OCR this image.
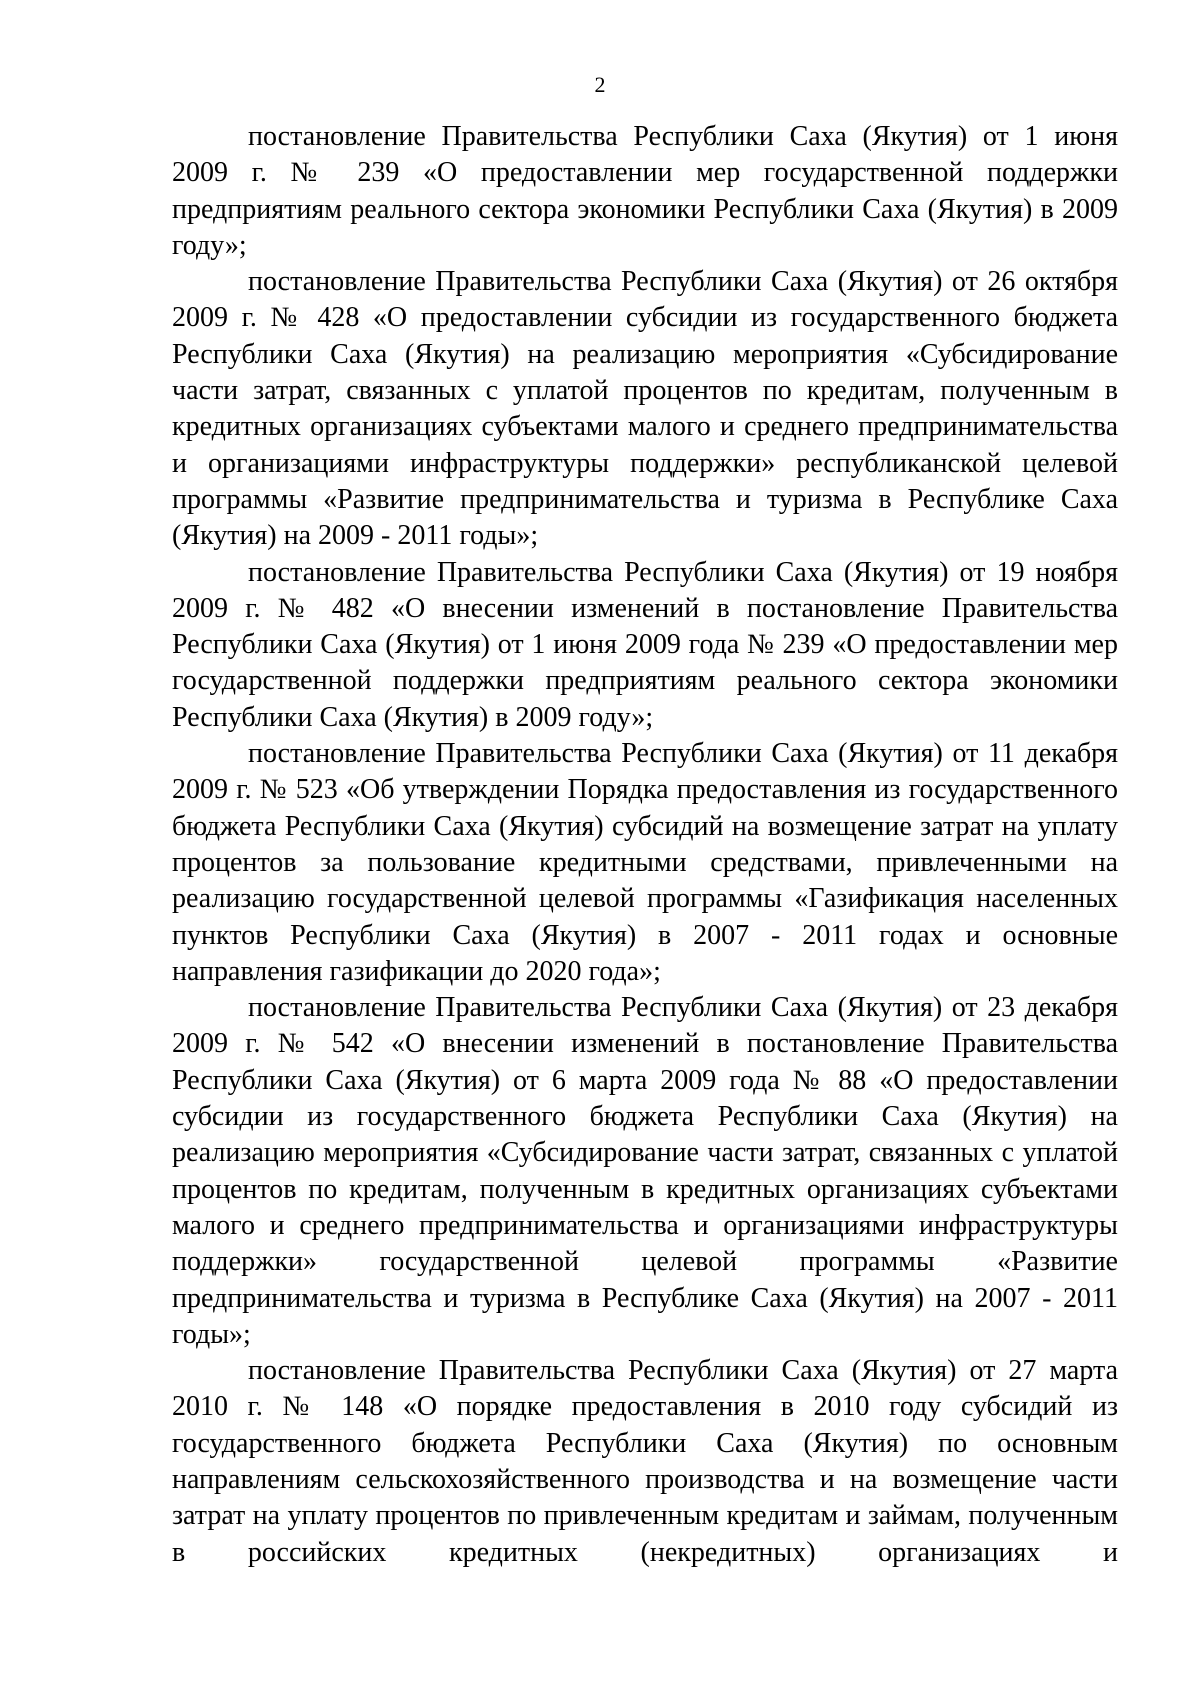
2

постановление Правительства Республики Саха (Якутия) от 1 июня 2009 г. № 239 «О предоставлении мер государственной поддержки предприятиям реального сектора экономики Республики Саха (Якутия) в 2009 году»;

постановление Правительства Республики Саха (Якутия) от 26 октября 2009 г. № 428 «О предоставлении субсидии из государственного бюджета Республики Саха (Якутия) на реализацию мероприятия «Субсидирование части затрат, связанных с уплатой процентов по кредитам, полученным в кредитных организациях субъектами малого и среднего предпринимательства и организациями инфраструктуры поддержки» республиканской целевой программы «Развитие предпринимательства и туризма в Республике Саха (Якутия) на 2009 - 2011 годы»;

постановление Правительства Республики Саха (Якутия) от 19 ноября 2009 г. № 482 «О внесении изменений в постановление Правительства Республики Саха (Якутия) от 1 июня 2009 года № 239 «О предоставлении мер государственной поддержки предприятиям реального сектора экономики Республики Саха (Якутия) в 2009 году»;

постановление Правительства Республики Саха (Якутия) от 11 декабря 2009 г. № 523 «Об утверждении Порядка предоставления из государственного бюджета Республики Саха (Якутия) субсидий на возмещение затрат на уплату процентов за пользование кредитными средствами, привлеченными на реализацию государственной целевой программы «Газификация населенных пунктов Республики Саха (Якутия) в 2007 - 2011 годах и основные направления газификации до 2020 года»;

постановление Правительства Республики Саха (Якутия) от 23 декабря 2009 г. № 542 «О внесении изменений в постановление Правительства Республики Саха (Якутия) от 6 марта 2009 года № 88 «О предоставлении субсидии из государственного бюджета Республики Саха (Якутия) на реализацию мероприятия «Субсидирование части затрат, связанных с уплатой процентов по кредитам, полученным в кредитных организациях субъектами малого и среднего предпринимательства и организациями инфраструктуры поддержки» государственной целевой программы «Развитие предпринимательства и туризма в Республике Саха (Якутия) на 2007 - 2011 годы»;

постановление Правительства Республики Саха (Якутия) от 27 марта 2010 г. № 148 «О порядке предоставления в 2010 году субсидий из государственного бюджета Республики Саха (Якутия) по основным направлениям сельскохозяйственного производства и на возмещение части затрат на уплату процентов по привлеченным кредитам и займам, полученным в российских кредитных (некредитных) организациях и
